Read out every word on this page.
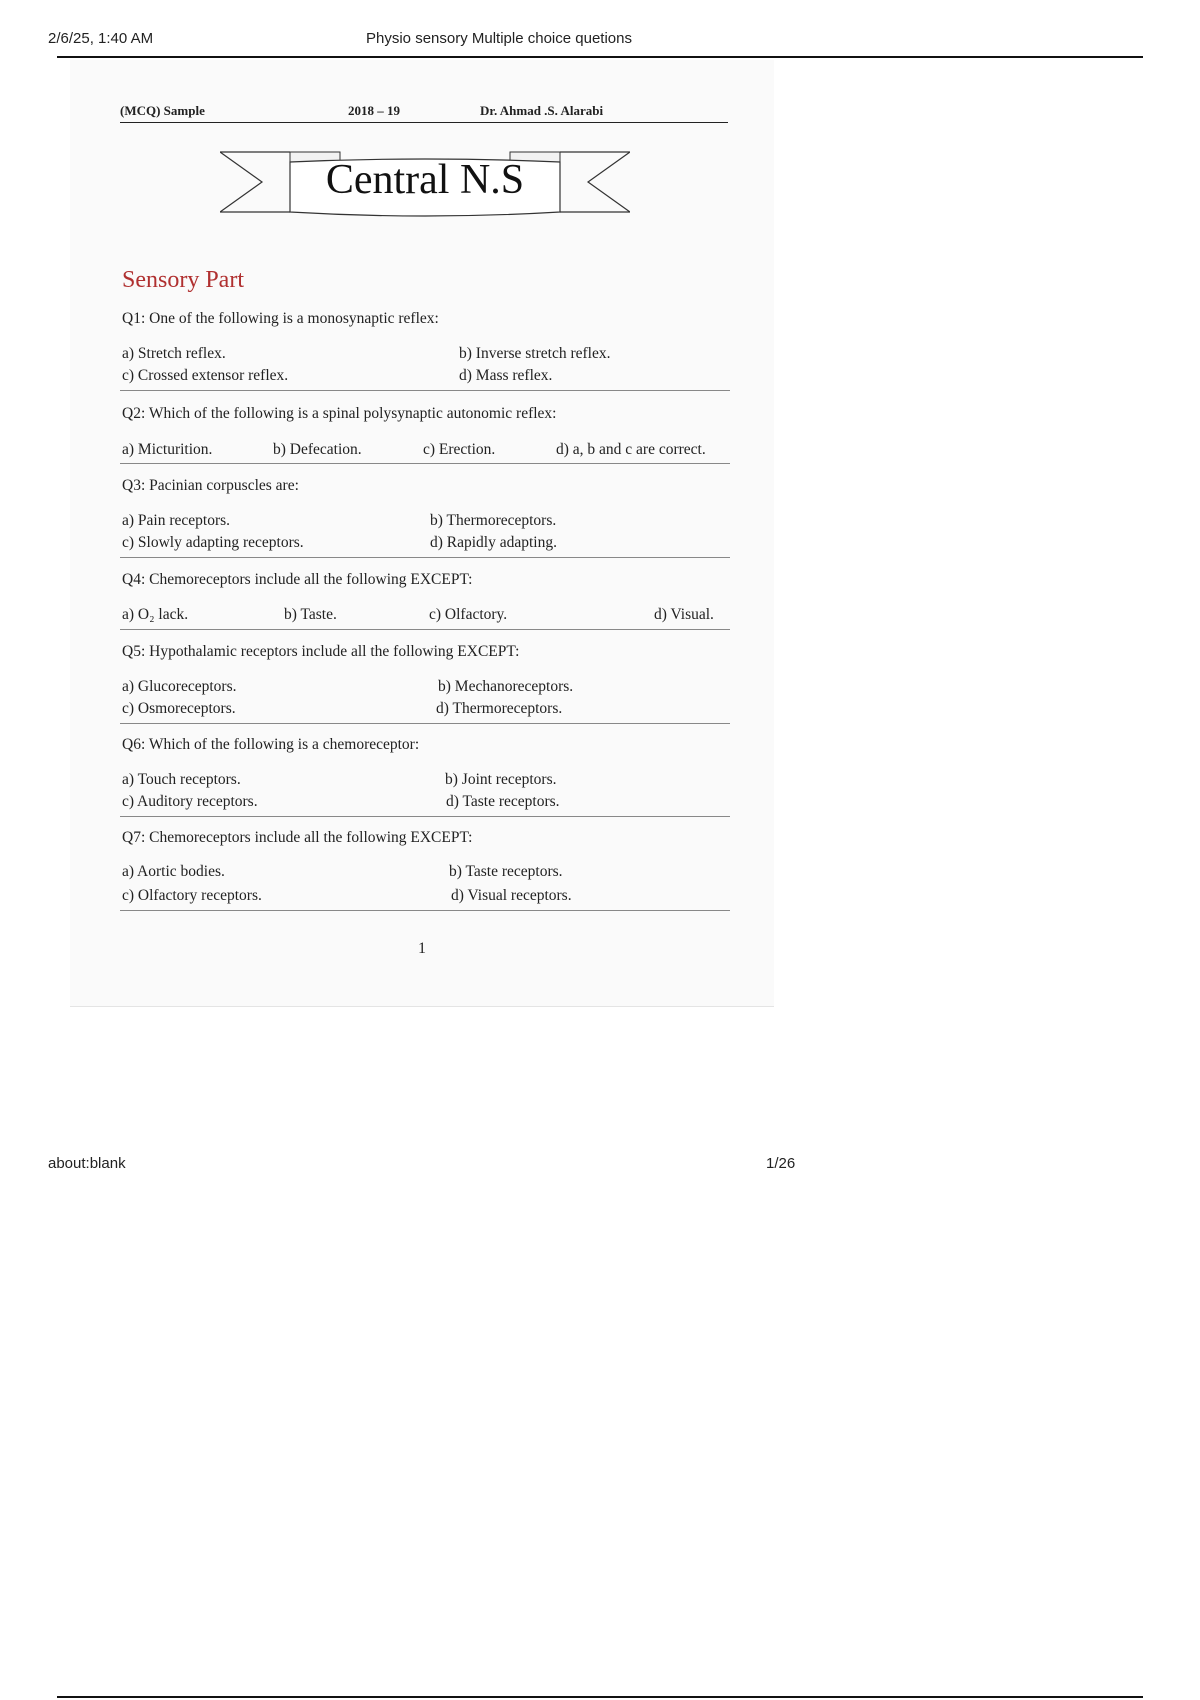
2/6/25, 1:40 AM	Physio sensory Multiple choice quetions
(MCQ) Sample	2018 – 19	Dr. Ahmad .S. Alarabi
Central N.S
Sensory Part
Q1: One of the following is a monosynaptic reflex:
a) Stretch reflex.	b) Inverse stretch reflex.
c) Crossed extensor reflex.	d) Mass reflex.
Q2: Which of the following is a spinal polysynaptic autonomic reflex:
a) Micturition.	b) Defecation.	c) Erection.	d) a, b and c are correct.
Q3: Pacinian corpuscles are:
a) Pain receptors.	b) Thermoreceptors.
c) Slowly adapting receptors.	d) Rapidly adapting.
Q4: Chemoreceptors include all the following EXCEPT:
a) O₂ lack.	b) Taste.	c) Olfactory.	d) Visual.
Q5: Hypothalamic receptors include all the following EXCEPT:
a) Glucoreceptors.	b) Mechanoreceptors.
c) Osmoreceptors.	d) Thermoreceptors.
Q6: Which of the following is a chemoreceptor:
a) Touch receptors.	b) Joint receptors.
c) Auditory receptors.	d) Taste receptors.
Q7: Chemoreceptors include all the following EXCEPT:
a) Aortic bodies.	b) Taste receptors.
c) Olfactory receptors.	d) Visual receptors.
1
about:blank	1/26
